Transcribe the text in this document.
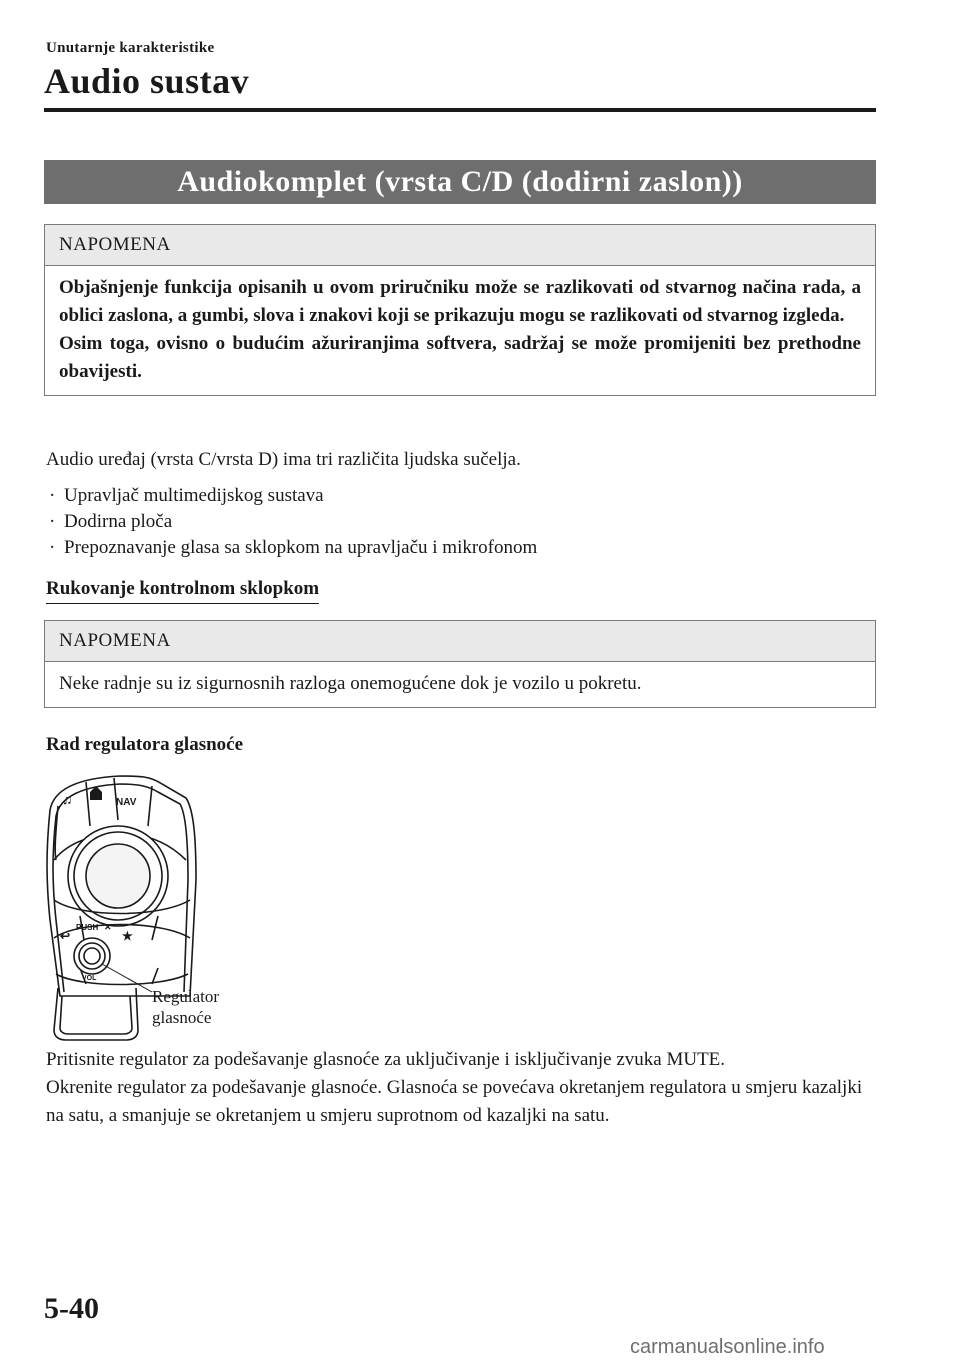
Unutarnje karakteristike
Audio sustav
Audiokomplet (vrsta C/D (dodirni zaslon))
NAPOMENA

Objašnjenje funkcija opisanih u ovom priručniku može se razlikovati od stvarnog načina rada, a oblici zaslona, a gumbi, slova i znakovi koji se prikazuju mogu se razlikovati od stvarnog izgleda.

Osim toga, ovisno o budućim ažuriranjima softvera, sadržaj se može promijeniti bez prethodne obavijesti.

Audio uređaj (vrsta C/vrsta D) ima tri različita ljudska sučelja.
· Upravljač multimedijskog sustava
· Dodirna ploča
· Prepoznavanje glasa sa sklopkom na upravljaču i mikrofonom
Rukovanje kontrolnom sklopkom
NAPOMENA

Neke radnje su iz sigurnosnih razloga onemogućene dok je vozilo u pokretu.

Rad regulatora glasnoće
♫	NAV
PUSH ✕
↩	★
VOL
Regulator
glasnoće

Pritisnite regulator za podešavanje glasnoće za uključivanje i isključivanje zvuka MUTE.

Okrenite regulator za podešavanje glasnoće. Glasnoća se povećava okretanjem regulatora u smjeru kazaljki na satu, a smanjuje se okretanjem u smjeru suprotnom od kazaljki na satu.

5-40
carmanualsonline.info
